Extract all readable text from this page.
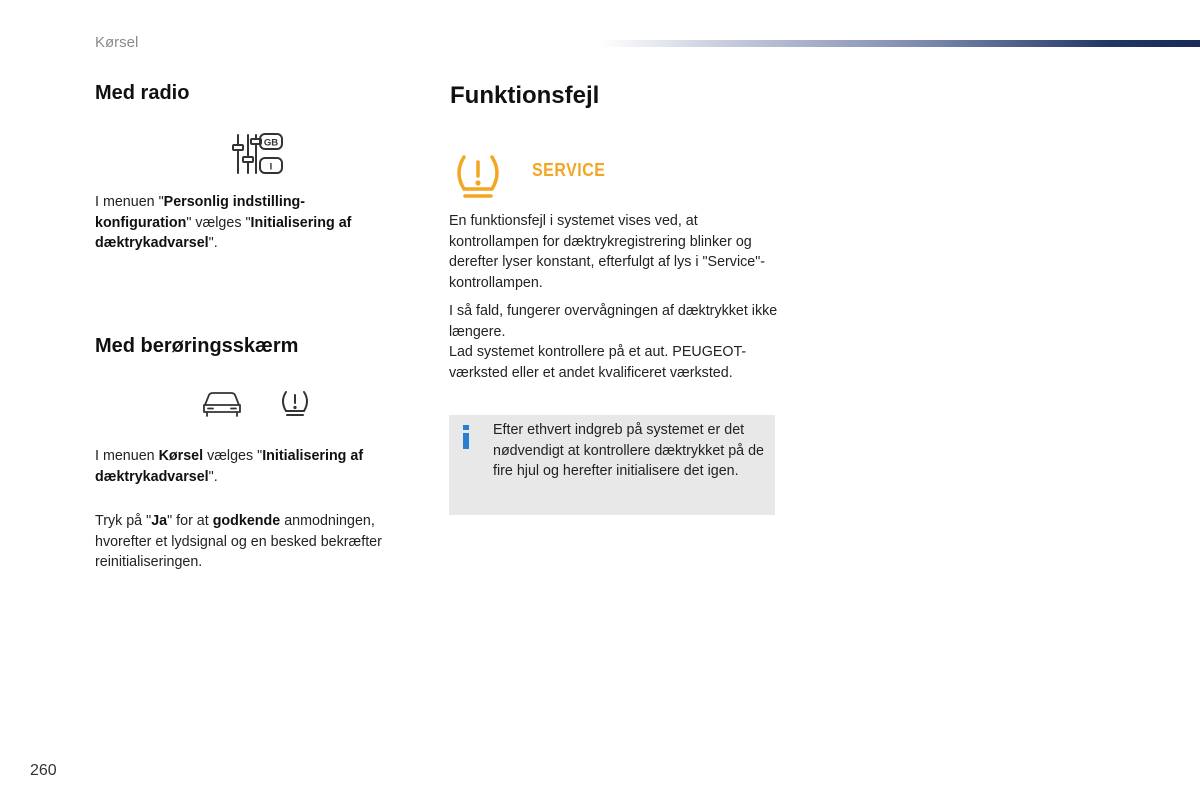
Kørsel
Med radio
GB
I

I menuen "Personlig indstilling-konfiguration" vælges "Initialisering af dæktrykadvarsel".

Med berøringsskærm

I menuen Kørsel vælges "Initialisering af dæktrykadvarsel".

Tryk på "Ja" for at godkende anmodningen, hvorefter et lydsignal og en besked bekræfter reinitialiseringen.

Funktionsfejl
SERVICE

En funktionsfejl i systemet vises ved, at kontrollampen for dæktrykregistrering blinker og derefter lyser konstant, efterfulgt af lys i "Service"-kontrollampen.

I så fald, fungerer overvågningen af dæktrykket ikke længere.

Lad systemet kontrollere på et aut. PEUGEOT-værksted eller et andet kvalificeret værksted.

Efter ethvert indgreb på systemet er det nødvendigt at kontrollere dæktrykket på de fire hjul og herefter initialisere det igen.

260
